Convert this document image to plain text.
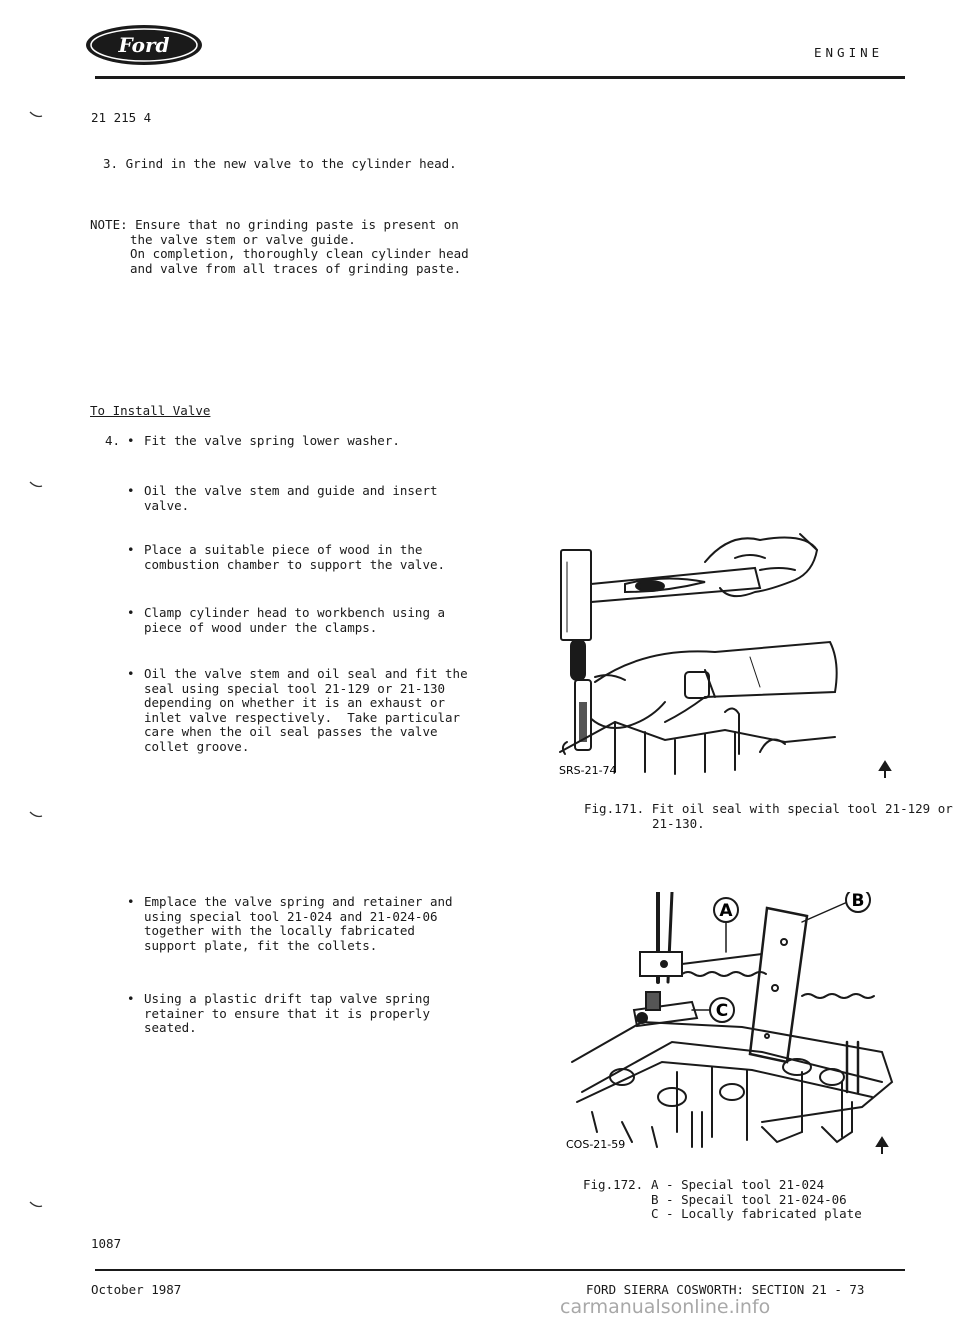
Ford	ENGINE
21 215 4
3. Grind in the new valve to the cylinder head.
NOTE: Ensure that no grinding paste is present on
the valve stem or valve guide.
On completion, thoroughly clean cylinder head
and valve from all traces of grinding paste.
To Install Valve
4. • Fit the valve spring lower washer.
• Oil the valve stem and guide and insert
valve.
• Place a suitable piece of wood in the
combustion chamber to support the valve.
• Clamp cylinder head to workbench using a
piece of wood under the clamps.
• Oil the valve stem and oil seal and fit the
seal using special tool 21-129 or 21-130
depending on whether it is an exhaust or
inlet valve respectively.  Take particular
care when the oil seal passes the valve
collet groove.
• Emplace the valve spring and retainer and
using special tool 21-024 and 21-024-06
together with the locally fabricated
support plate, fit the collets.
• Using a plastic drift tap valve spring
retainer to ensure that it is properly
seated.
SRS-21-74
Fig.171. Fit oil seal with special tool 21-129 or
21-130.
A	B
C
COS-21-59
Fig.172. A - Special tool 21-024
B - Specail tool 21-024-06
C - Locally fabricated plate
1087
October 1987	FORD SIERRA COSWORTH: SECTION 21 - 73
carmanualsonline.info
